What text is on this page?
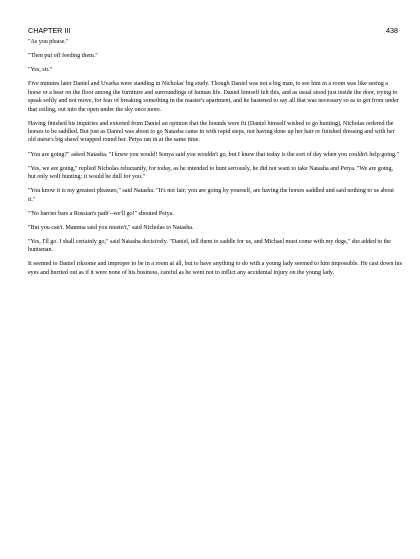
CHAPTER III	438

"As you please."

"Then put off feeding them."

"Yes, sir."

Five minutes later Daniel and Uvarka were standing in Nicholas' big study. Though Daniel was not a big man, to see him in a room was like seeing a horse or a bear on the floor among the furniture and surroundings of human life. Daniel himself felt this, and as usual stood just inside the door, trying to speak softly and not move, for fear of breaking something in the master's apartment, and he hastened to say all that was necessary so as to get from under that ceiling, out into the open under the sky once more.

Having finished his inquiries and extorted from Daniel an opinion that the hounds were fit (Daniel himself wished to go hunting), Nicholas ordered the horses to be saddled. But just as Daniel was about to go Natasha came in with rapid steps, not having done up her hair or finished dressing and with her old nurse's big shawl wrapped round her. Petya ran in at the same time.

"You are going?" asked Natasha. "I knew you would! Sonya said you wouldn't go, but I knew that today is the sort of day when you couldn't help going."

"Yes, we are going," replied Nicholas reluctantly, for today, as he intended to hunt seriously, he did not want to take Natasha and Petya. "We are going, but only wolf hunting: it would be dull for you."

"You know it is my greatest pleasure," said Natasha. "It's not fair; you are going by yourself, are having the horses saddled and said nothing to us about it."

"'No barrier bars a Russian's path'--we'll go!" shouted Petya.

"But you can't. Mamma said you mustn't," said Nicholas to Natasha.

"Yes, I'll go. I shall certainly go," said Natasha decisively. "Daniel, tell them to saddle for us, and Michael must come with my dogs," she added to the huntsman.

It seemed to Daniel irksome and improper to be in a room at all, but to have anything to do with a young lady seemed to him impossible. He cast down his eyes and hurried out as if it were none of his business, careful as he went not to inflict any accidental injury on the young lady.
